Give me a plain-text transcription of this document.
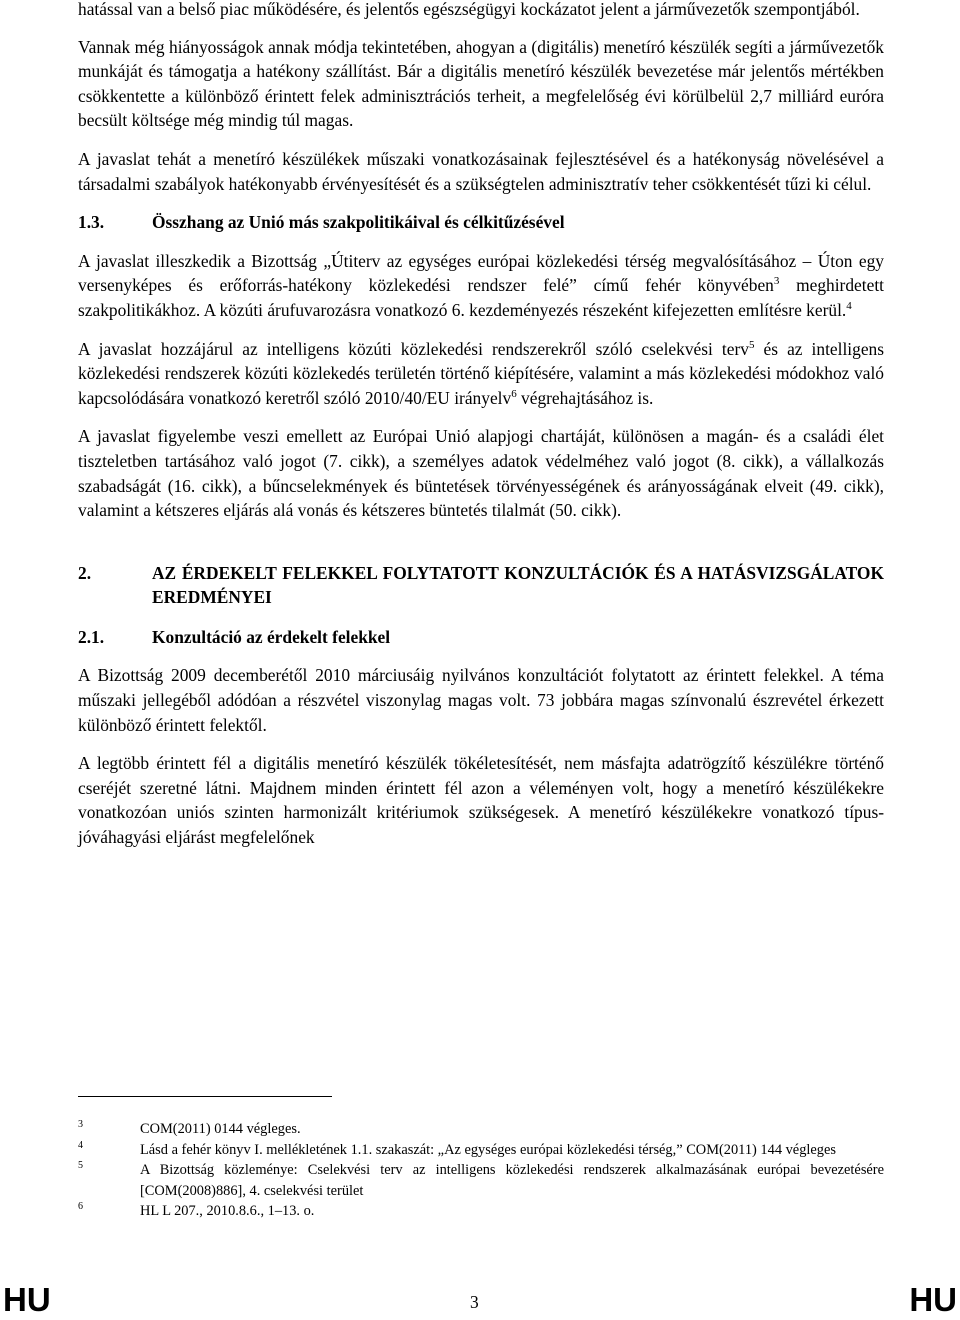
hatással van a belső piac működésére, és jelentős egészségügyi kockázatot jelent a járművezetők szempontjából.

Vannak még hiányosságok annak módja tekintetében, ahogyan a (digitális) menetíró készülék segíti a járművezetők munkáját és támogatja a hatékony szállítást. Bár a digitális menetíró készülék bevezetése már jelentős mértékben csökkentette a különböző érintett felek adminisztrációs terheit, a megfelelőség évi körülbelül 2,7 milliárd euróra becsült költsége még mindig túl magas.

A javaslat tehát a menetíró készülékek műszaki vonatkozásainak fejlesztésével és a hatékonyság növelésével a társadalmi szabályok hatékonyabb érvényesítését és a szükségtelen adminisztratív teher csökkentését tűzi ki célul.

1.3.	Összhang az Unió más szakpolitikáival és célkitűzésével

A javaslat illeszkedik a Bizottság „Útiterv az egységes európai közlekedési térség megvalósításához – Úton egy versenyképes és erőforrás-hatékony közlekedési rendszer felé” című fehér könyvében$^3$ meghirdetett szakpolitikákhoz. A közúti árufuvarozásra vonatkozó 6. kezdeményezés részeként kifejezetten említésre kerül.$^4$

A javaslat hozzájárul az intelligens közúti közlekedési rendszerekről szóló cselekvési terv$^5$ és az intelligens közlekedési rendszerek közúti közlekedés területén történő kiépítésére, valamint a más közlekedési módokhoz való kapcsolódására vonatkozó keretről szóló 2010/40/EU irányelv$^6$ végrehajtásához is.

A javaslat figyelembe veszi emellett az Európai Unió alapjogi chartáját, különösen a magán- és a családi élet tiszteletben tartásához való jogot (7. cikk), a személyes adatok védelméhez való jogot (8. cikk), a vállalkozás szabadságát (16. cikk), a bűncselekmények és büntetések törvényességének és arányosságának elveit (49. cikk), valamint a kétszeres eljárás alá vonás és kétszeres büntetés tilalmát (50. cikk).

2.	AZ ÉRDEKELT FELEKKEL FOLYTATOTT KONZULTÁCIÓK ÉS A HATÁSVIZSGÁLATOK EREDMÉNYEI
2.1.	Konzultáció az érdekelt felekkel

A Bizottság 2009 decemberétől 2010 márciusáig nyilvános konzultációt folytatott az érintett felekkel. A téma műszaki jellegéből adódóan a részvétel viszonylag magas volt. 73 jobbára magas színvonalú észrevétel érkezett különböző érintett felektől.

A legtöbb érintett fél a digitális menetíró készülék tökéletesítését, nem másfajta adatrögzítő készülékre történő cseréjét szeretné látni. Majdnem minden érintett fél azon a véleményen volt, hogy a menetíró készülékekre vonatkozóan uniós szinten harmonizált kritériumok szükségesek. A menetíró készülékekre vonatkozó típus-jóváhagyási eljárást megfelelőnek

3	COM(2011) 0144 végleges.
4	Lásd a fehér könyv I. mellékletének 1.1. szakaszát: „Az egységes európai közlekedési térség,” COM(2011) 144 végleges
5	A Bizottság közleménye: Cselekvési terv az intelligens közlekedési rendszerek alkalmazásának európai bevezetésére [COM(2008)886], 4. cselekvési terület
6	HL L 207., 2010.8.6., 1–13. o.
HU	3	HU
